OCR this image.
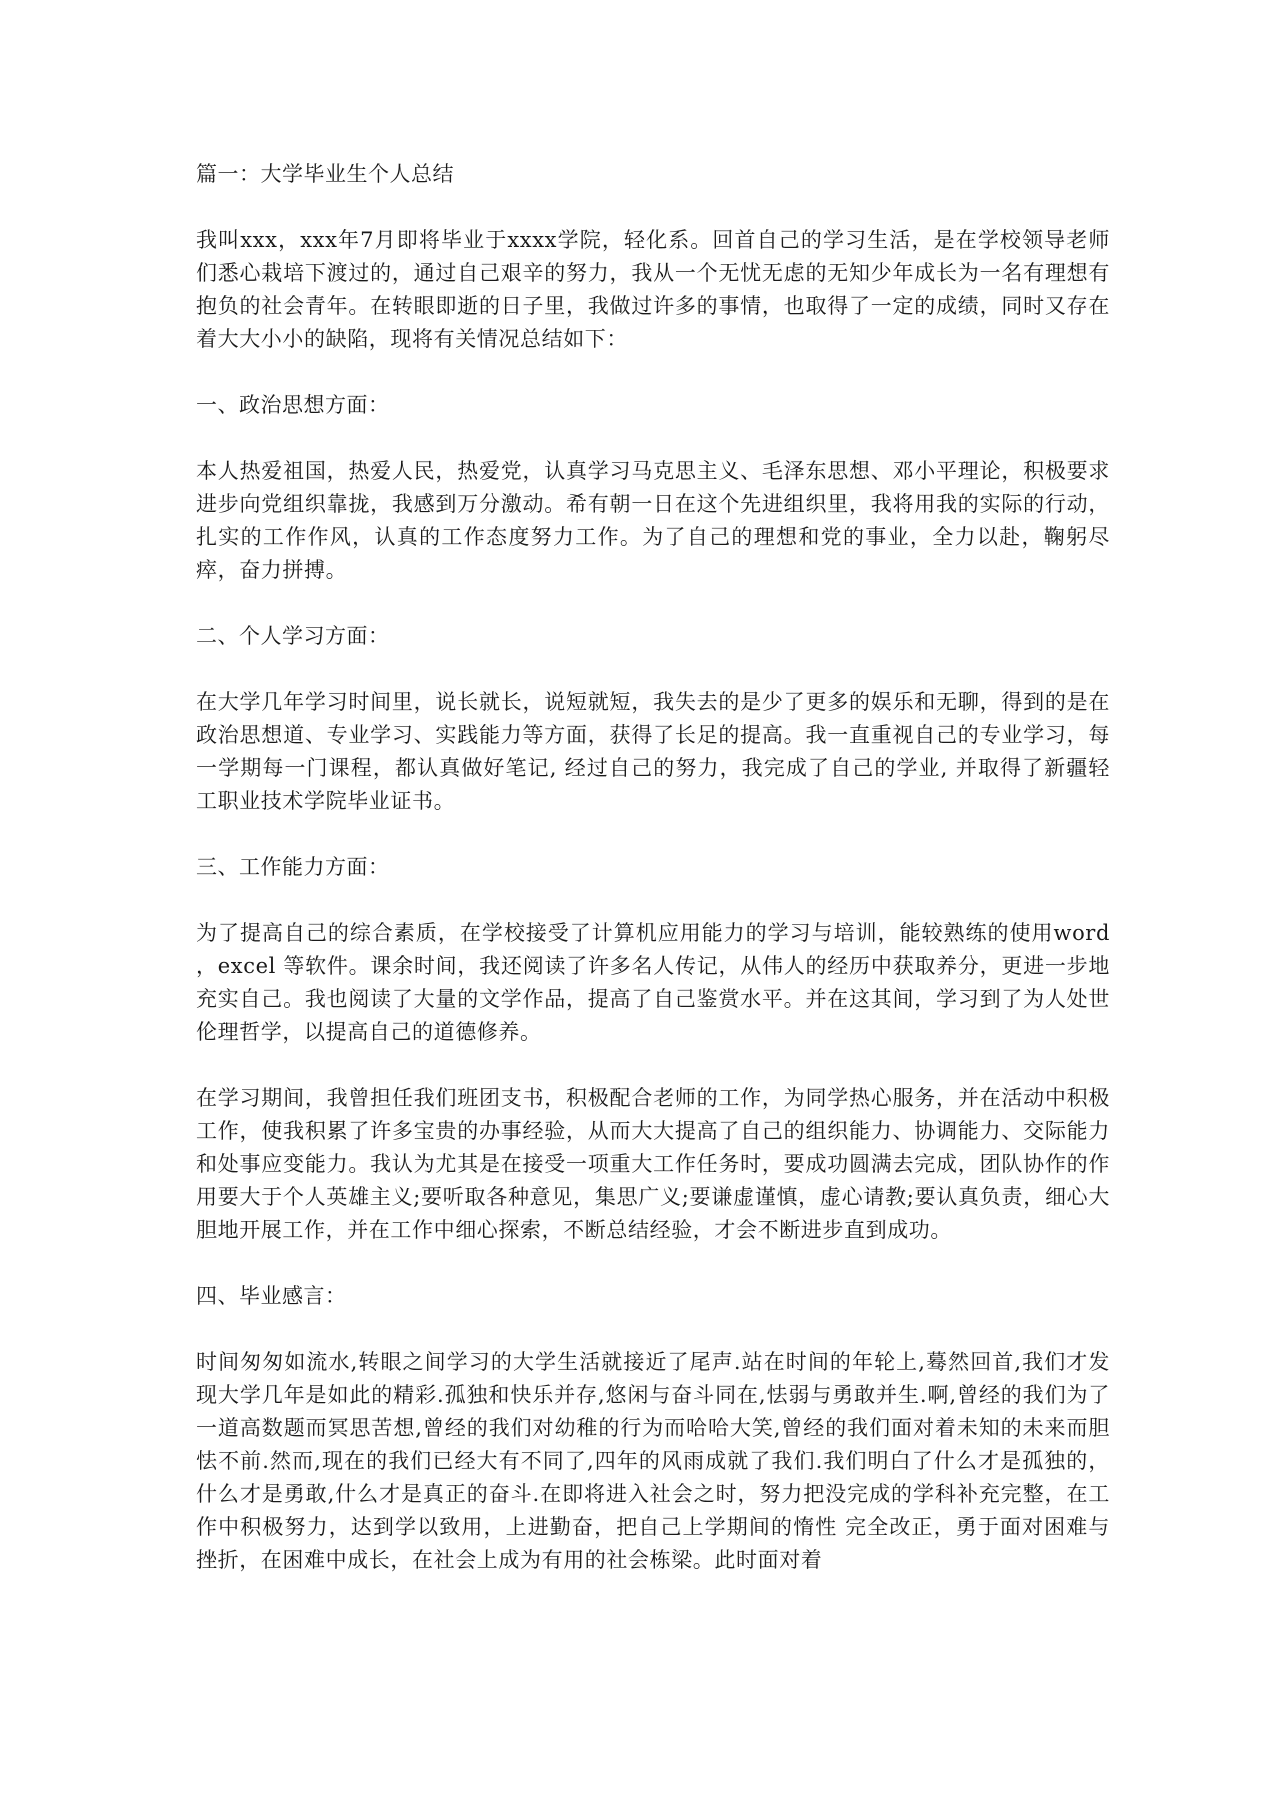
篇一：大学毕业生个人总结

我叫xxx，xxx年7月即将毕业于xxxx学院，轻化系。回首自己的学习生活，是在学校领导老师们悉心栽培下渡过的，通过自己艰辛的努力，我从一个无忧无虑的无知少年成长为一名有理想有抱负的社会青年。在转眼即逝的日子里，我做过许多的事情，也取得了一定的成绩，同时又存在着大大小小的缺陷，现将有关情况总结如下：

一、政治思想方面：

本人热爱祖国，热爱人民，热爱党，认真学习马克思主义、毛泽东思想、邓小平理论，积极要求进步向党组织靠拢，我感到万分激动。希有朝一日在这个先进组织里，我将用我的实际的行动，扎实的工作作风，认真的工作态度努力工作。为了自己的理想和党的事业，全力以赴，鞠躬尽瘁，奋力拼搏。

二、个人学习方面：

在大学几年学习时间里，说长就长，说短就短，我失去的是少了更多的娱乐和无聊，得到的是在政治思想道、专业学习、实践能力等方面，获得了长足的提高。我一直重视自己的专业学习，每一学期每一门课程，都认真做好笔记, 经过自己的努力，我完成了自己的学业, 并取得了新疆轻工职业技术学院毕业证书。

三、工作能力方面：

为了提高自己的综合素质，在学校接受了计算机应用能力的学习与培训，能较熟练的使用word ，excel 等软件。课余时间，我还阅读了许多名人传记，从伟人的经历中获取养分，更进一步地充实自己。我也阅读了大量的文学作品，提高了自己鉴赏水平。并在这其间，学习到了为人处世伦理哲学，以提高自己的道德修养。

在学习期间，我曾担任我们班团支书，积极配合老师的工作，为同学热心服务，并在活动中积极工作，使我积累了许多宝贵的办事经验，从而大大提高了自己的组织能力、协调能力、交际能力和处事应变能力。我认为尤其是在接受一项重大工作任务时，要成功圆满去完成，团队协作的作用要大于个人英雄主义;要听取各种意见，集思广义;要谦虚谨慎，虚心请教;要认真负责，细心大胆地开展工作，并在工作中细心探索，不断总结经验，才会不断进步直到成功。

四、毕业感言：

时间匆匆如流水,转眼之间学习的大学生活就接近了尾声.站在时间的年轮上,蓦然回首,我们才发现大学几年是如此的精彩.孤独和快乐并存,悠闲与奋斗同在,怯弱与勇敢并生.啊,曾经的我们为了一道高数题而冥思苦想,曾经的我们对幼稚的行为而哈哈大笑,曾经的我们面对着未知的未来而胆怯不前.然而,现在的我们已经大有不同了,四年的风雨成就了我们.我们明白了什么才是孤独的，什么才是勇敢,什么才是真正的奋斗.在即将进入社会之时，努力把没完成的学科补充完整，在工作中积极努力，达到学以致用，上进勤奋，把自己上学期间的惰性 完全改正，勇于面对困难与挫折，在困难中成长，在社会上成为有用的社会栋梁。此时面对着
